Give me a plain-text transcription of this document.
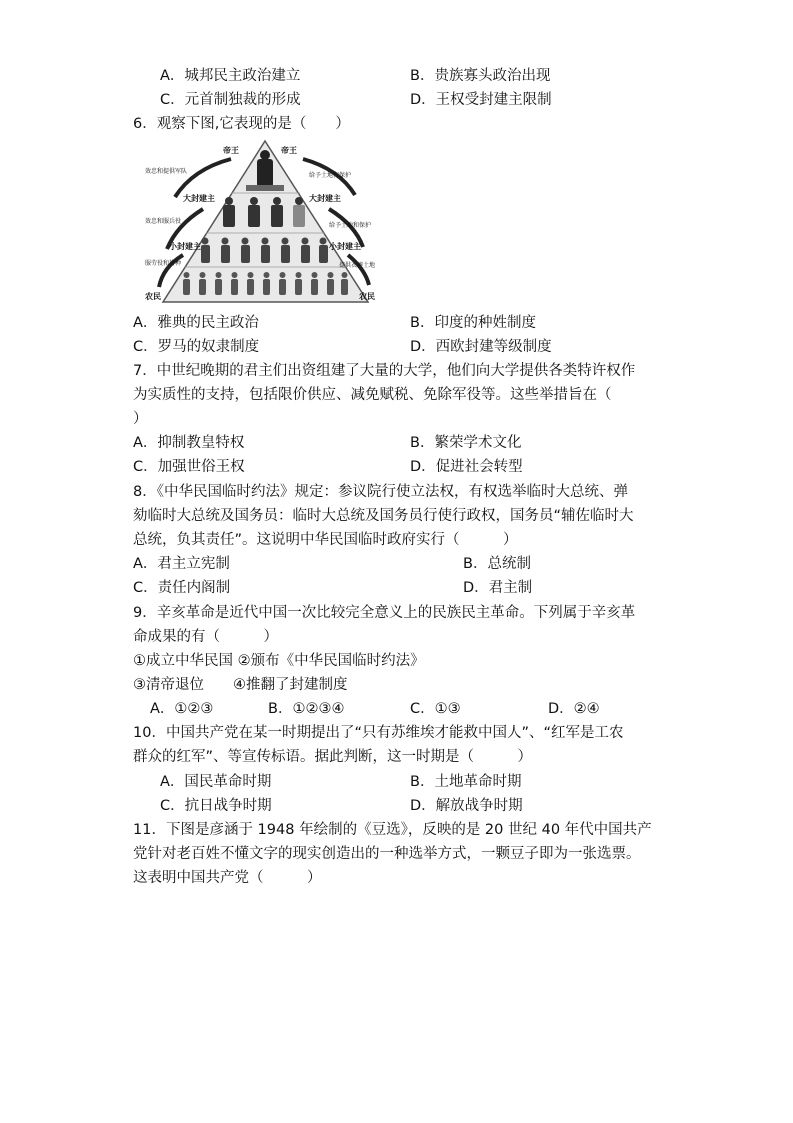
A．城邦民主政治建立	B．贵族寡头政治出现
C．元首制独裁的形成	D．王权受封建主限制
6．观察下图,它表现的是（　　）
帝王	帝王
大封建主	大封建主
小封建主	小封建主
农民	农民
效忠和提供军队
效忠和服兵役
服劳役和耕种
给予土地和保护
给予土地和保护
提供衣裤土地
A．雅典的民主政治	B．印度的种姓制度
C．罗马的奴隶制度	D．西欧封建等级制度
7．中世纪晚期的君主们出资组建了大量的大学，他们向大学提供各类特许权作
为实质性的支持，包括限价供应、减免赋税、免除军役等。这些举措旨在（
）
A．抑制教皇特权	B．繁荣学术文化
C．加强世俗王权	D．促进社会转型
8．《中华民国临时约法》规定：参议院行使立法权，有权选举临时大总统、弹
劾临时大总统及国务员：临时大总统及国务员行使行政权，国务员“辅佐临时大
总统，负其责任”。这说明中华民国临时政府实行（　　　）
A．君主立宪制	B．总统制
C．责任内阁制	D．君主制
9．辛亥革命是近代中国一次比较完全意义上的民族民主革命。下列属于辛亥革
命成果的有（　　　）
①成立中华民国 ②颁布《中华民国临时约法》
③清帝退位　　④推翻了封建制度
A．①②③	B．①②③④	C．①③	D．②④
10．中国共产党在某一时期提出了“只有苏维埃才能救中国人”、“红军是工农
群众的红军”、等宣传标语。据此判断，这一时期是（　　　）
A．国民革命时期	B．土地革命时期
C．抗日战争时期	D．解放战争时期
11．下图是彦涵于 1948 年绘制的《豆选》，反映的是 20 世纪 40 年代中国共产
党针对老百姓不懂文字的现实创造出的一种选举方式，一颗豆子即为一张选票。
这表明中国共产党（　　　）
